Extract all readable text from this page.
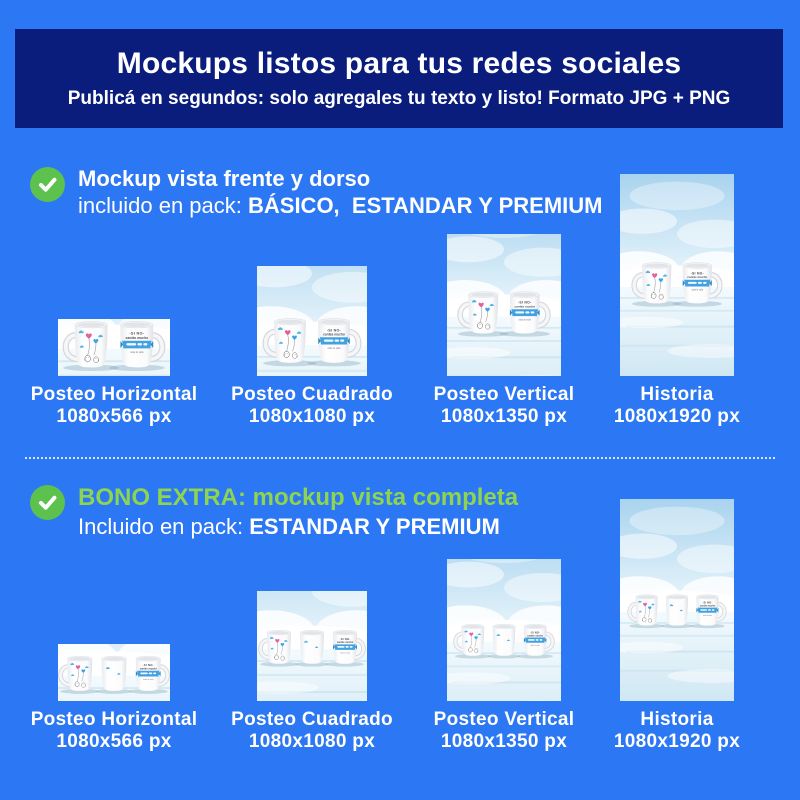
Mockups listos para tus redes sociales

Publicá en segundos: solo agregales tu texto y listo! Formato JPG + PNG

Mockup vista frente y dorso
incluido en pack: BÁSICO,  ESTANDAR Y PREMIUM
Posteo Horizontal
1080x566 px
Posteo Cuadrado
1080x1080 px
Posteo Vertical
1080x1350 px
Historia
1080x1920 px
BONO EXTRA: mockup vista completa
Incluido en pack: ESTANDAR Y PREMIUM
Posteo Horizontal
1080x566 px
Posteo Cuadrado
1080x1080 px
Posteo Vertical
1080x1350 px
Historia
1080x1920 px
